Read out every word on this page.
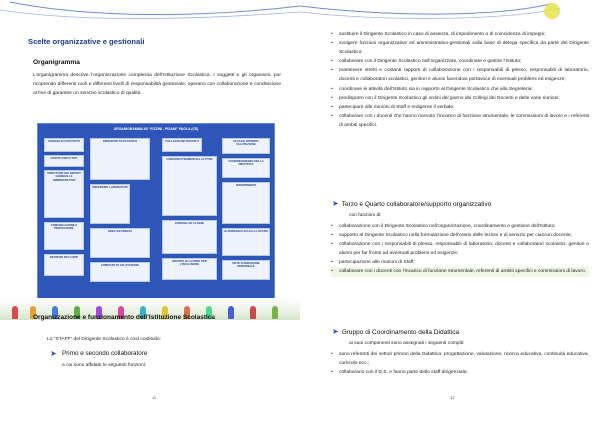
Scelte organizzative e gestionali
Organigramma
L’organigramma descrive l’organizzazione complessa dell’Istituzione Scolastica. I soggetti e gli organismi, pur ricoprendo differenti ruoli e differenti livelli di responsabilità gestionale, operano con collaborazione e condivisione al fine di garantire un servizio scolastico di qualità.
ORGANIGRAMMA IIS “FIZZINI - PISANI” PAOLA (CS)
CONSIGLIO D’ISTITUTO
GIUNTA ESECUTIVA
DIRETTORE DEI SERVIZI GENERALI E AMMINISTRATIVI
COMUNICAZIONE E INNOVAZIONE
REVISORI DEI CONTI
DIRIGENTE SCOLASTICO
REFERENTI LABORATORI
AREA SICUREZZA
COMITATO DI VALUTAZIONE
COLLEGIO DEI DOCENTI
FUNZIONI STRUMENTALI AL PTOF
CONSIGLI DI CLASSE
GRUPPO DI LAVORO PER L’INCLUSIONE
NUCLEO INTERNO VALUTAZIONE
COORDINAMENTO DELLA DIDATTICA
DIPARTIMENTI
ALTERNANZA SCUOLA LAVORO
RETE FORMAZIONE PERSONALE
Organizzazione e funzionamento dell’Istituzione Scolastica
Lo “STAFF” del Dirigente Scolastico è così costituito:
➤ Primo e secondo collaboratore
a cui sono affidate le seguenti funzioni:
11
• sostituire il Dirigente Scolastico in caso di assenza, di impedimento o di coincidenza di impegni;
• svolgere funzioni organizzative ed amministrativo-gestionali sulla base di delega specifica da parte del Dirigente Scolastico;
• collaborare con il Dirigente Scolastico nell’organizzare, coordinare e gestire l’Istituto;
• mantenere stretti e costanti rapporti di collaborazione con i responsabili di plesso, responsabili di laboratorio, docenti e collaboratori scolastici, genitori e alunni facendosi portavoce di eventuali problemi ed esigenze;
• coordinare le attività dell’Istituto sia in rapporto al Dirigente Scolastico che alla Segreteria;
• predisporre con il Dirigente Scolastico gli ordini del giorno dei Collegi dei Docenti e delle varie riunioni;
• partecipare alle riunioni di Staff e redigerne il verbale;
• collaborare con i docenti che hanno ricevuto l’incarico di funzione strumentale, le commissioni di lavoro e i referenti di ambiti specifici.
➤ Terzo e Quarto collaboratore/supporto organizzativo
con funzioni di:
• collaborazione con il Dirigente Scolastico nell’organizzazione, coordinamento e gestione dell’Istituto;
• supporto al Dirigente Scolastico nella formulazione dell’orario delle lezioni e di servizio per ciascun docente;
• collaborazione con i responsabili di plesso, responsabili di laboratorio, docenti e collaboratori scolastici, genitori e alunni per far fronte ad eventuali problemi ed esigenze;
• partecipazione alle riunioni di Staff;
• collaborare con i docenti con l’incarico di funzione strumentale, referenti di ambiti specifici e commissioni di lavoro.
➤ Gruppo di Coordinamento della Didattica
ai suoi componenti sono assegnati i seguenti compiti:
• sono referenti dei settori primari della Didattica: progettazione, valutazione, ricerca educativa, continuità educativa, curricolo ecc.;
• collaborano con il D.S. e fanno parte dello staff dirigenziale;
12
